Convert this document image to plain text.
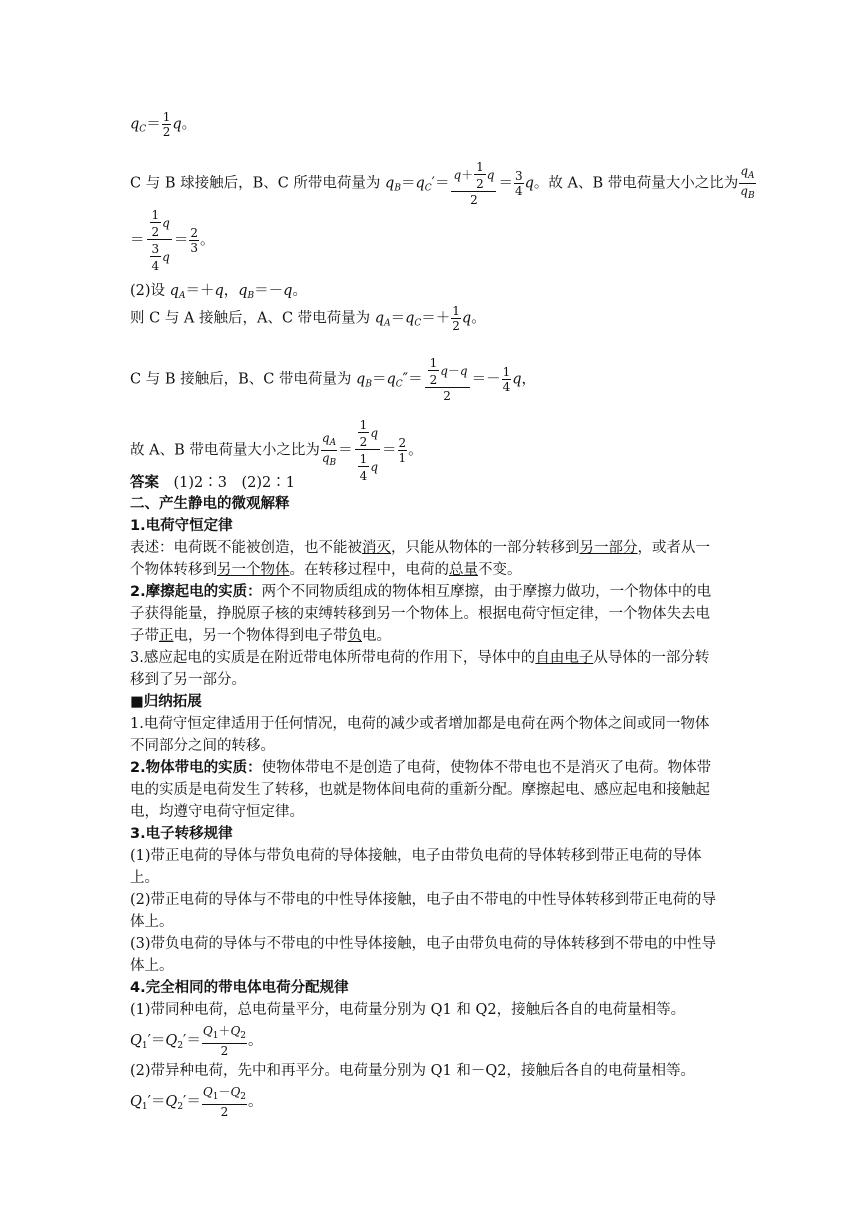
$q_C= \frac{1}{2}$ q。
C 与 B 球接触后，B、C 所带电荷量为 $q_B=q_C'= \frac{q+ \frac{1}{2} q}{2} = \frac{3}{4}$ q。故 A、B 带电荷量大小之比为 $\frac{q_A}{q_B}$
＝ $\frac{\frac{1}{2} q}{\frac{3}{4} q} = \frac{2}{3}$ 。
(2)设 $q_A=+q$，$q_B=-q$。
则 C 与 A 接触后，A、C 带电荷量为 $q_A=q_C=+ \frac{1}{2}$ q。
C 与 B 接触后，B、C 带电荷量为 $q_B=q_C''= \frac{\frac{1}{2} q-q}{2} =- \frac{1}{4}$ q，
故 A、B 带电荷量大小之比为 $\frac{q_A}{q_B} = \frac{\frac{1}{2} q}{\frac{1}{4} q} = \frac{2}{1}$ 。
答案　 (1)2∶3　(2)2∶1
二、产生静电的微观解释
1.电荷守恒定律
表述：电荷既不能被创造，也不能被消灭，只能从物体的一部分转移到另一部分，或者从一个物体转移到另一个物体。在转移过程中，电荷的总量不变。
2.摩擦起电的实质：两个不同物质组成的物体相互摩擦，由于摩擦力做功，一个物体中的电子获得能量，挣脱原子核的束缚转移到另一个物体上。根据电荷守恒定律，一个物体失去电子带正电，另一个物体得到电子带负电。
3.感应起电的实质是在附近带电体所带电荷的作用下，导体中的自由电子从导体的一部分转移到了另一部分。
■归纳拓展
1.电荷守恒定律适用于任何情况，电荷的减少或者增加都是电荷在两个物体之间或同一物体不同部分之间的转移。
2.物体带电的实质：使物体带电不是创造了电荷，使物体不带电也不是消灭了电荷。物体带电的实质是电荷发生了转移，也就是物体间电荷的重新分配。摩擦起电、感应起电和接触起电，均遵守电荷守恒定律。
3.电子转移规律
(1)带正电荷的导体与带负电荷的导体接触，电子由带负电荷的导体转移到带正电荷的导体上。
(2)带正电荷的导体与不带电的中性导体接触，电子由不带电的中性导体转移到带正电荷的导体上。
(3)带负电荷的导体与不带电的中性导体接触，电子由带负电荷的导体转移到不带电的中性导体上。
4.完全相同的带电体电荷分配规律
(1)带同种电荷，总电荷量平分，电荷量分别为 Q1 和 Q2，接触后各自的电荷量相等。
$Q_1'=Q_2'= \frac{Q_1+Q_2}{2}$ 。
(2)带异种电荷，先中和再平分。电荷量分别为 Q1 和－Q2，接触后各自的电荷量相等。
$Q_1'=Q_2'= \frac{Q_1-Q_2}{2}$ 。
